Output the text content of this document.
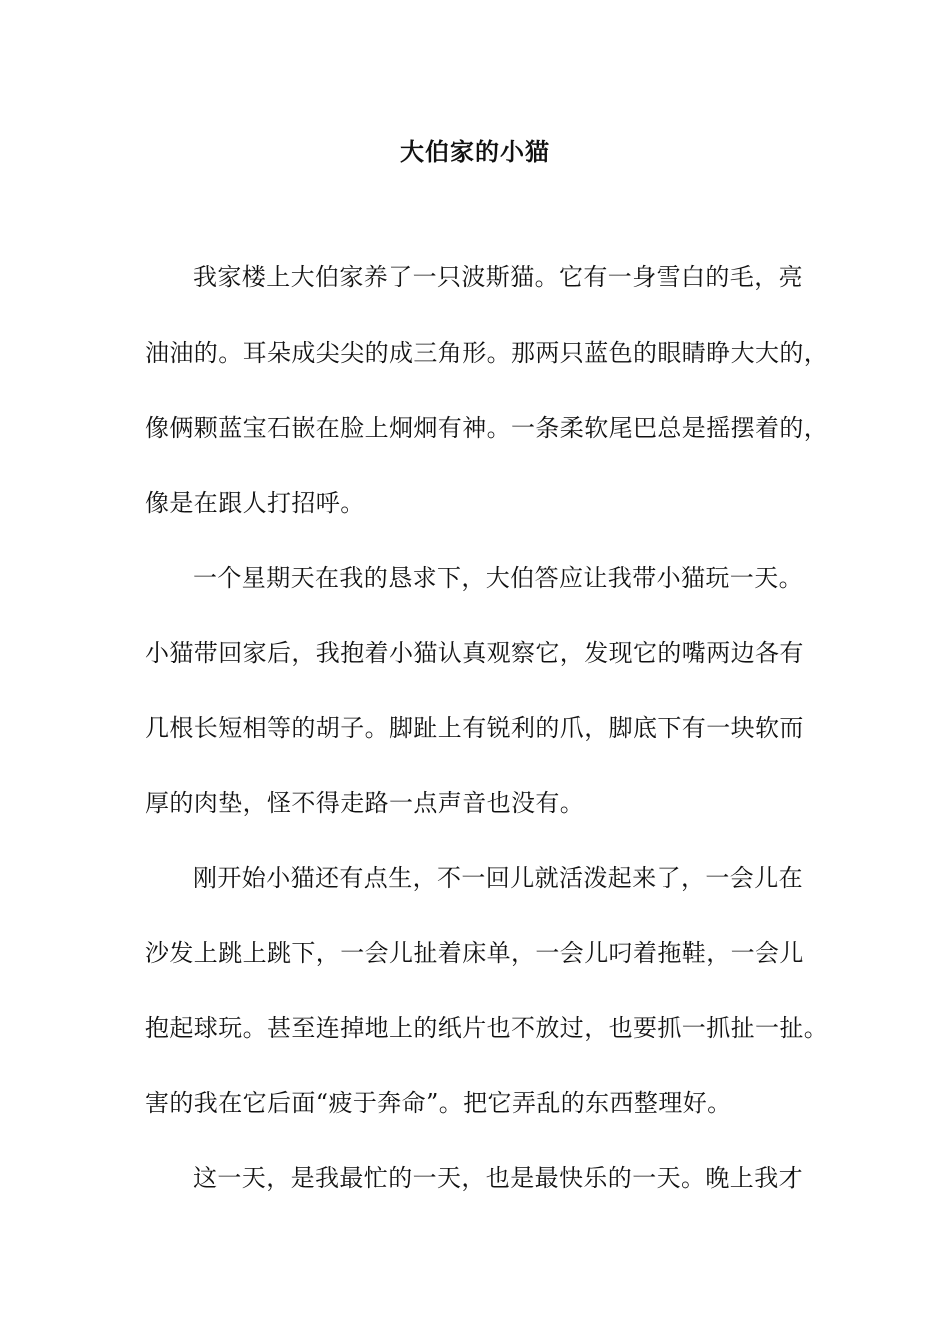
大伯家的小猫
我家楼上大伯家养了一只波斯猫。它有一身雪白的毛，亮
油油的。耳朵成尖尖的成三角形。那两只蓝色的眼睛睁大大的，
像俩颗蓝宝石嵌在脸上炯炯有神。一条柔软尾巴总是摇摆着的，
像是在跟人打招呼。
一个星期天在我的恳求下，大伯答应让我带小猫玩一天。
小猫带回家后，我抱着小猫认真观察它，发现它的嘴两边各有
几根长短相等的胡子。脚趾上有锐利的爪，脚底下有一块软而
厚的肉垫，怪不得走路一点声音也没有。
刚开始小猫还有点生，不一回儿就活泼起来了，一会儿在
沙发上跳上跳下，一会儿扯着床单，一会儿叼着拖鞋，一会儿
抱起球玩。甚至连掉地上的纸片也不放过，也要抓一抓扯一扯。
害的我在它后面“疲于奔命”。把它弄乱的东西整理好。
这一天，是我最忙的一天，也是最快乐的一天。晚上我才
